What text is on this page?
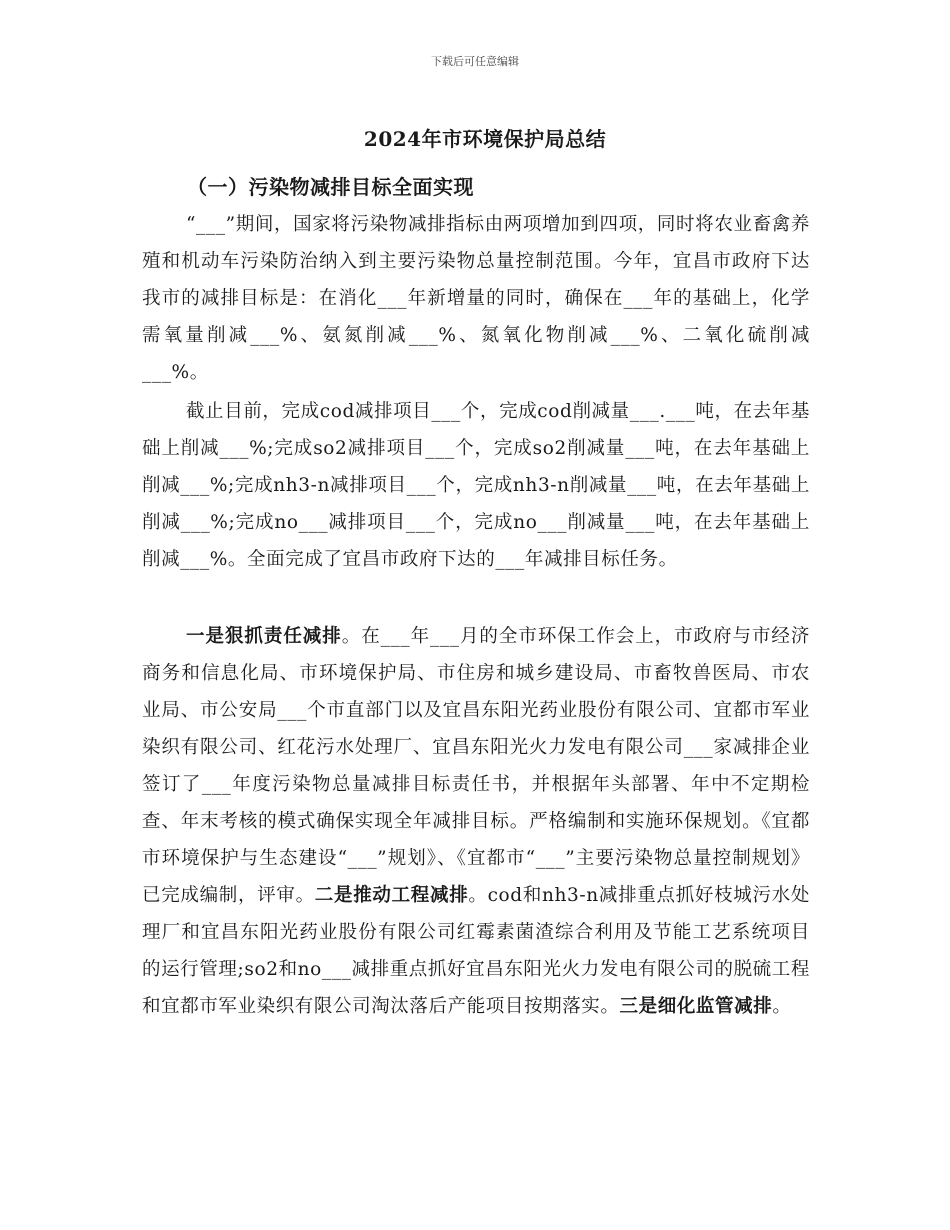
下载后可任意编辑
2024年市环境保护局总结
（一）污染物减排目标全面实现

“___”期间，国家将污染物减排指标由两项增加到四项，同时将农业畜禽养殖和机动车污染防治纳入到主要污染物总量控制范围。今年，宜昌市政府下达我市的减排目标是：在消化___年新增量的同时，确保在___年的基础上，化学需氧量削减___%、氨氮削减___%、氮氧化物削减___%、二氧化硫削减___%。

截止目前，完成cod减排项目___个，完成cod削减量___.___吨，在去年基础上削减___%;完成so2减排项目___个，完成so2削减量___吨，在去年基础上削减___%;完成nh3-n减排项目___个，完成nh3-n削减量___吨，在去年基础上削减___%;完成no___减排项目___个，完成no___削减量___吨，在去年基础上削减___%。全面完成了宜昌市政府下达的___年减排目标任务。

一是狠抓责任减排。在___年___月的全市环保工作会上，市政府与市经济商务和信息化局、市环境保护局、市住房和城乡建设局、市畜牧兽医局、市农业局、市公安局___个市直部门以及宜昌东阳光药业股份有限公司、宜都市军业染织有限公司、红花污水处理厂、宜昌东阳光火力发电有限公司___家减排企业签订了___年度污染物总量减排目标责任书，并根据年头部署、年中不定期检查、年末考核的模式确保实现全年减排目标。严格编制和实施环保规划。《宜都市环境保护与生态建设“___”规划》、《宜都市“___”主要污染物总量控制规划》已完成编制，评审。二是推动工程减排。cod和nh3-n减排重点抓好枝城污水处理厂和宜昌东阳光药业股份有限公司红霉素菌渣综合利用及节能工艺系统项目的运行管理;so2和no___减排重点抓好宜昌东阳光火力发电有限公司的脱硫工程和宜都市军业染织有限公司淘汰落后产能项目按期落实。三是细化监管减排。
